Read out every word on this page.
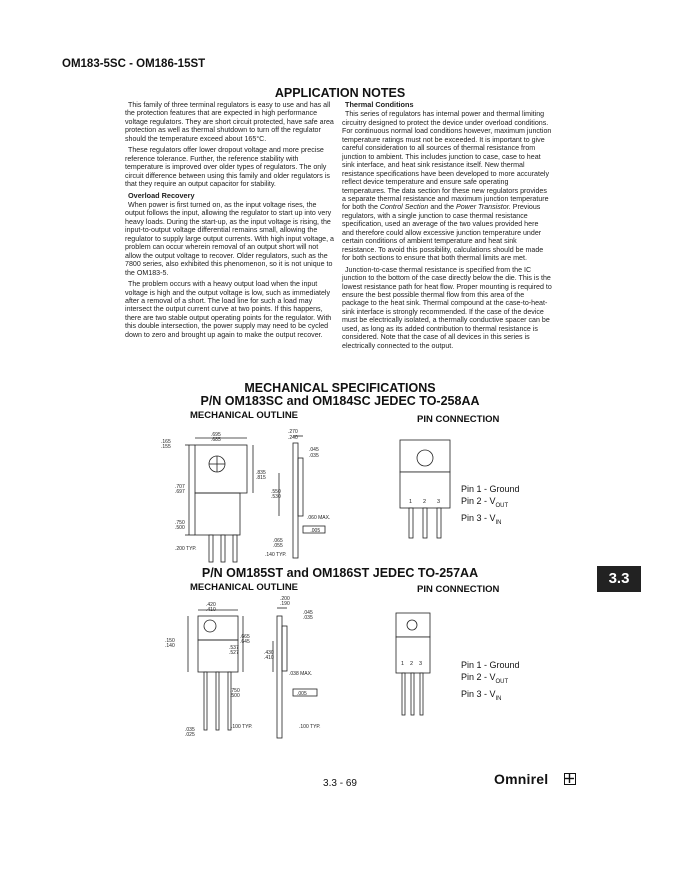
OM183-5SC - OM186-15ST
APPLICATION NOTES

This family of three terminal regulators is easy to use and has all the protection features that are expected in high performance voltage regulators. They are short circuit protected, have safe area protection as well as thermal shutdown to turn off the regulator should the temperature exceed about 165°C.

These regulators offer lower dropout voltage and more precise reference tolerance. Further, the reference stability with temperature is improved over older types of regulators. The only circuit difference between using this family and older regulators is that they require an output capacitor for stability.

Overload Recovery

When power is first turned on, as the input voltage rises, the output follows the input, allowing the regulator to start up into very heavy loads. During the start-up, as the input voltage is rising, the input-to-output voltage differential remains small, allowing the regulator to supply large output currents. With high input voltage, a problem can occur wherein removal of an output short will not allow the output voltage to recover. Older regulators, such as the 7800 series, also exhibited this phenomenon, so it is not unique to the OM183-5.

The problem occurs with a heavy output load when the input voltage is high and the output voltage is low, such as immediately after a removal of a short. The load line for such a load may intersect the output current curve at two points. If this happens, there are two stable output operating points for the regulator. With this double intersection, the power supply may need to be cycled down to zero and brought up again to make the output recover.

Thermal Conditions

This series of regulators has internal power and thermal limiting circuitry designed to protect the device under overload conditions. For continuous normal load conditions however, maximum junction temperature ratings must not be exceeded. It is important to give careful consideration to all sources of thermal resistance from junction to ambient. This includes junction to case, case to heat sink interface, and heat sink resistance itself. New thermal resistance specifications have been developed to more accurately reflect device temperature and ensure safe operating temperatures. The data section for these new regulators provides a separate thermal resistance and maximum junction temperature for both the Control Section and the Power Transistor. Previous regulators, with a single junction to case thermal resistance specification, used an average of the two values provided here and therefore could allow excessive junction temperature under certain conditions of ambient temperature and heat sink resistance. To avoid this possibility, calculations should be made for both sections to ensure that both thermal limits are met.

Junction-to-case thermal resistance is specified from the IC junction to the bottom of the case directly below the die. This is the lowest resistance path for heat flow. Proper mounting is required to ensure the best possible thermal flow from this area of the package to the heat sink. Thermal compound at the case-to-heat-sink interface is strongly recommended. If the case of the device must be electrically isolated, a thermally conductive spacer can be used, as long as its added contribution to thermal resistance is considered. Note that the case of all devices in this series is electrically connected to the output.

MECHANICAL SPECIFICATIONS
P/N OM183SC and OM184SC JEDEC TO-258AA
MECHANICAL OUTLINE	PIN CONNECTION
.165
.155
.695
.685
.270
.240
.045
.035
.835
.815
.707
.697	.550
.530
.750
.500
.060 MAX.
.005
.065
.055
.200 TYP.
.140 TYP.
1 2 3
Pin 1 - Ground
Pin $2 - V_{OUT}$
Pin $3 - V_{IN}$
P/N OM185ST and OM186ST JEDEC TO-257AA
MECHANICAL OUTLINE	PIN CONNECTION
.420
.410
.200
.190
.045
.035
.150
.140
.665
.645
.537
.527	.430
.410
.038 MAX.
.005
.750
.500
.035
.025
.100 TYP.	.100 TYP.
1 2 3	Pin 1 - Ground
Pin $2 - V_{OUT}$
Pin $3 - V_{IN}$
3.3
3.3 - 69	Omnirel
